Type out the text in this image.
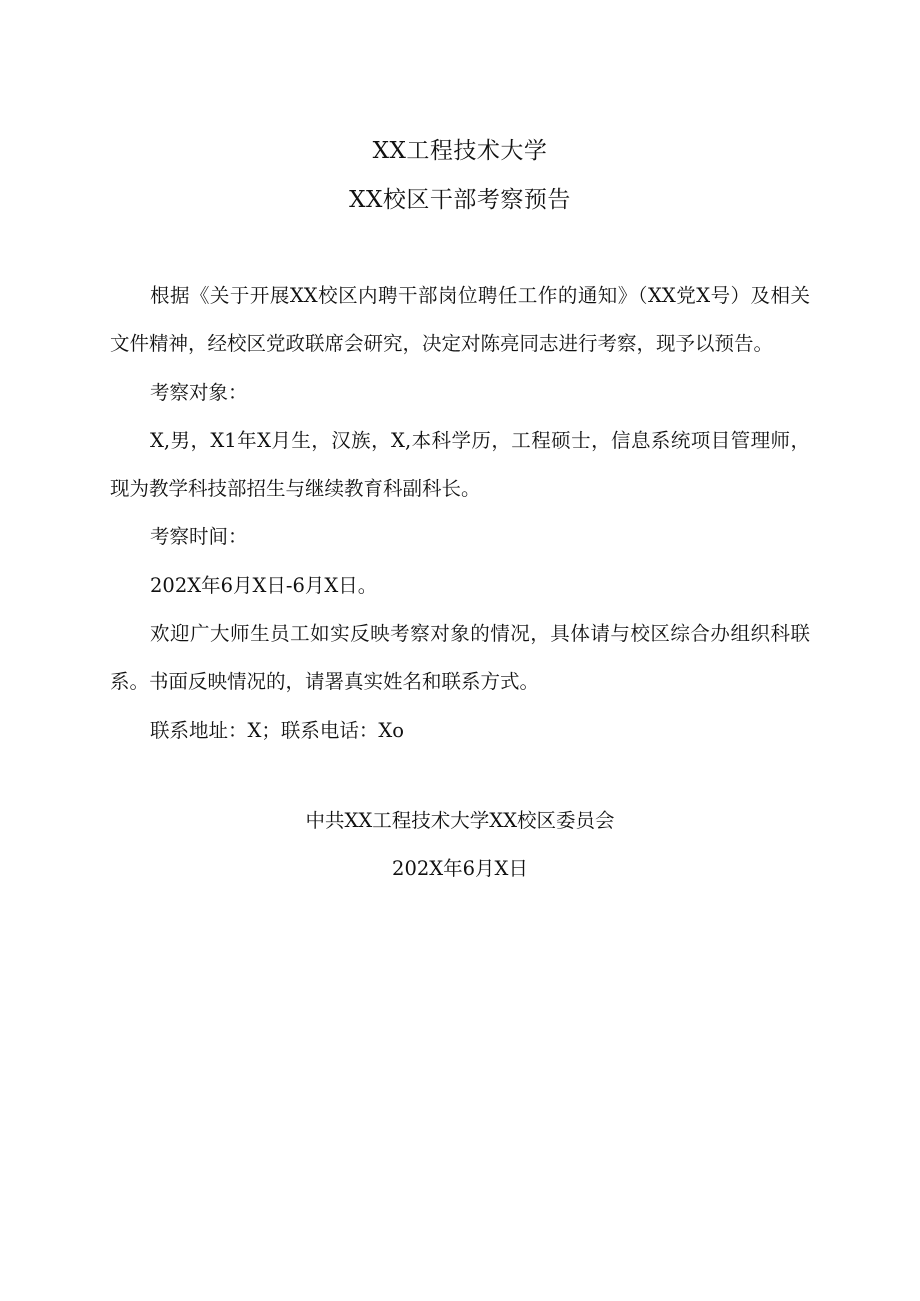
XX工程技术大学
XX校区干部考察预告

根据《关于开展XX校区内聘干部岗位聘任工作的通知》（XX党X号）及相关文件精神，经校区党政联席会研究，决定对陈亮同志进行考察，现予以预告。

考察对象：

X,男，X1年X月生，汉族，X,本科学历，工程硕士，信息系统项目管理师，现为教学科技部招生与继续教育科副科长。

考察时间：

202X年6月X日-6月X日。

欢迎广大师生员工如实反映考察对象的情况，具体请与校区综合办组织科联系。书面反映情况的，请署真实姓名和联系方式。

联系地址：X；联系电话：Xo

中共XX工程技术大学XX校区委员会
202X年6月X日
